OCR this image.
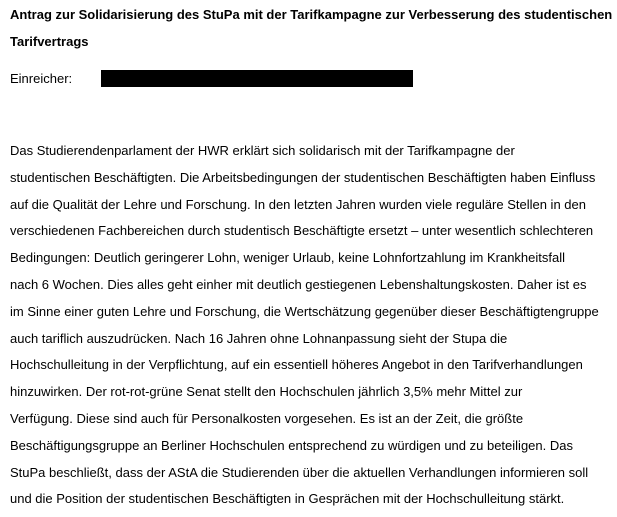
Antrag zur Solidarisierung des StuPa mit der Tarifkampagne zur Verbesserung des studentischen
Tarifvertrags

Einreicher:

Das Studierendenparlament der HWR erklärt sich solidarisch mit der Tarifkampagne der
studentischen Beschäftigten. Die Arbeitsbedingungen der studentischen Beschäftigten haben Einfluss
auf die Qualität der Lehre und Forschung. In den letzten Jahren wurden viele reguläre Stellen in den
verschiedenen Fachbereichen durch studentisch Beschäftigte ersetzt – unter wesentlich schlechteren
Bedingungen: Deutlich geringerer Lohn, weniger Urlaub, keine Lohnfortzahlung im Krankheitsfall
nach 6 Wochen. Dies alles geht einher mit deutlich gestiegenen Lebenshaltungskosten. Daher ist es
im Sinne einer guten Lehre und Forschung, die Wertschätzung gegenüber dieser Beschäftigtengruppe
auch tariflich auszudrücken. Nach 16 Jahren ohne Lohnanpassung sieht der Stupa die
Hochschulleitung in der Verpflichtung, auf ein essentiell höheres Angebot in den Tarifverhandlungen
hinzuwirken. Der rot-rot-grüne Senat stellt den Hochschulen jährlich 3,5% mehr Mittel zur
Verfügung. Diese sind auch für Personalkosten vorgesehen. Es ist an der Zeit, die größte
Beschäftigungsgruppe an Berliner Hochschulen entsprechend zu würdigen und zu beteiligen. Das
StuPa beschließt, dass der AStA die Studierenden über die aktuellen Verhandlungen informieren soll
und die Position der studentischen Beschäftigten in Gesprächen mit der Hochschulleitung stärkt.
